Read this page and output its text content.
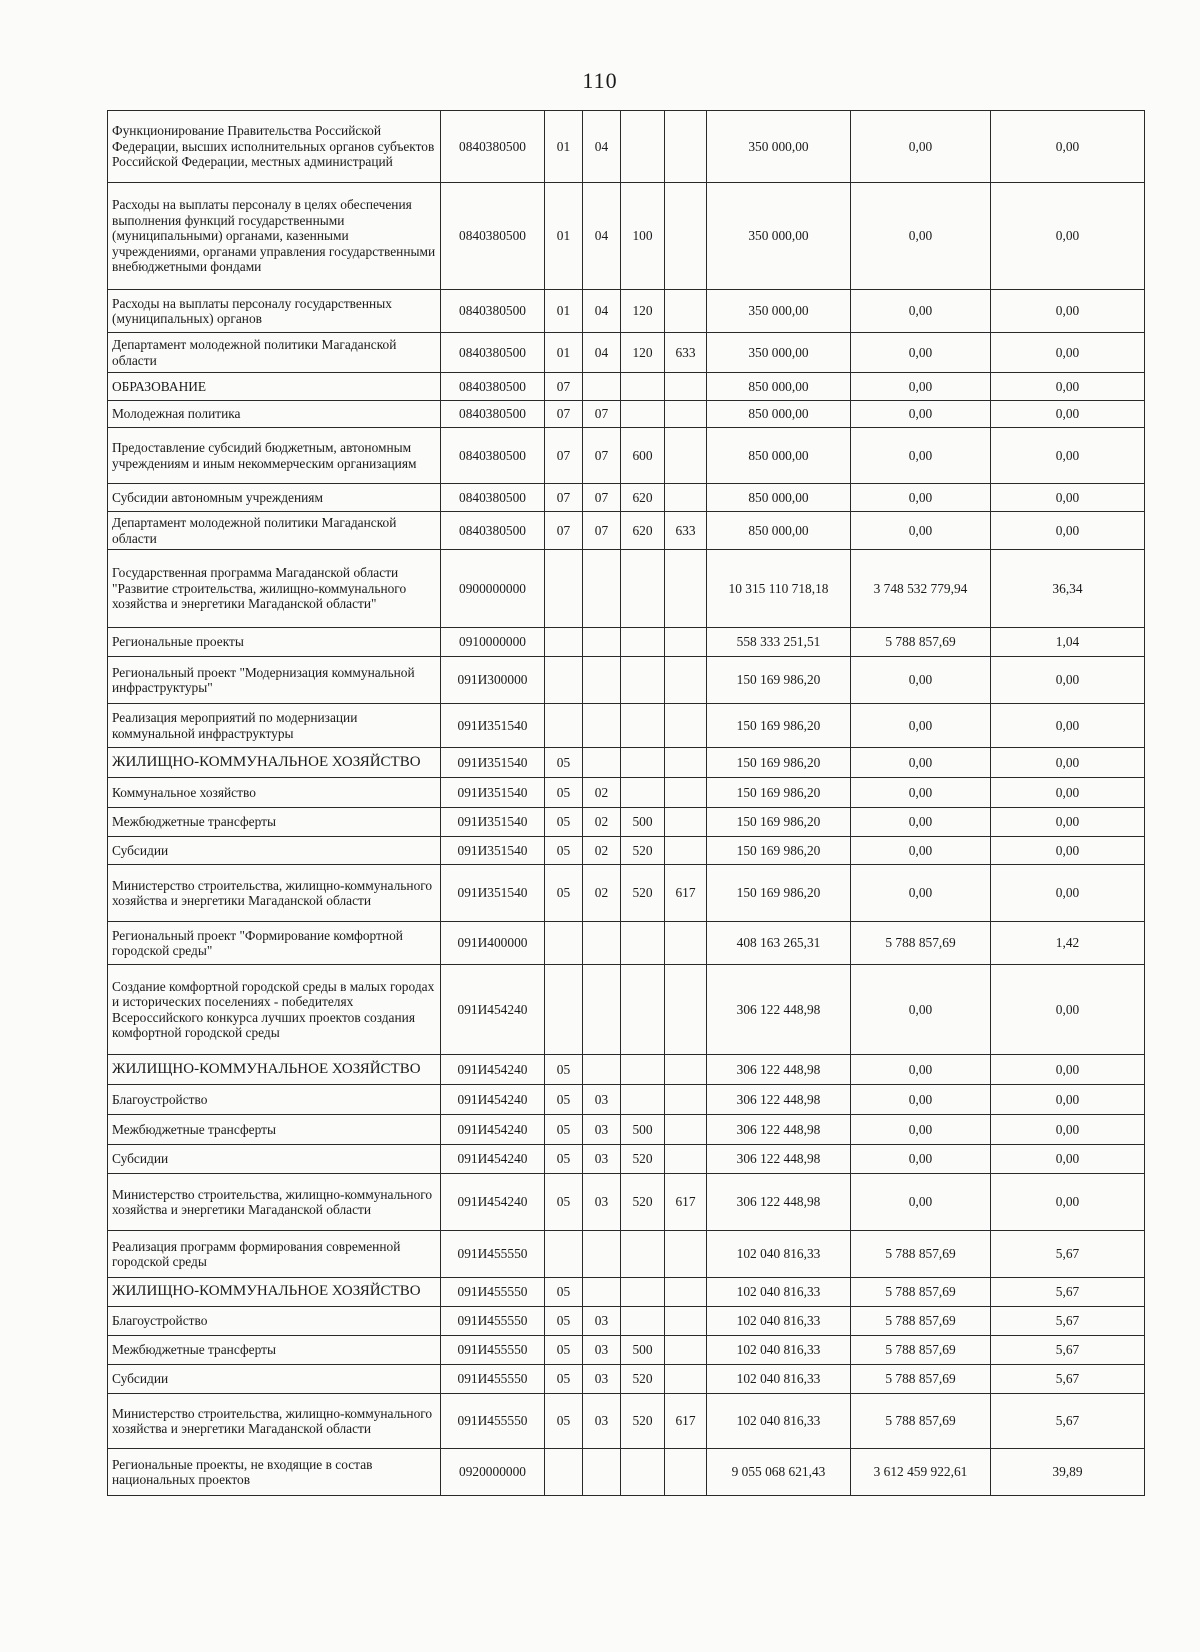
110
Функционирование Правительства Российской Федерации, высших исполнительных органов субъектов Российской Федерации, местных администраций	0840380500	01	04			350 000,00	0,00	0,00
Расходы на выплаты персоналу в целях обеспечения выполнения функций государственными (муниципальными) органами, казенными учреждениями, органами управления государственными внебюджетными фондами	0840380500	01	04	100		350 000,00	0,00	0,00
Расходы на выплаты персоналу государственных (муниципальных) органов	0840380500	01	04	120		350 000,00	0,00	0,00
Департамент молодежной политики Магаданской области	0840380500	01	04	120	633	350 000,00	0,00	0,00
ОБРАЗОВАНИЕ	0840380500	07				850 000,00	0,00	0,00
Молодежная политика	0840380500	07	07			850 000,00	0,00	0,00
Предоставление субсидий бюджетным, автономным учреждениям и иным некоммерческим организациям	0840380500	07	07	600		850 000,00	0,00	0,00
Субсидии автономным учреждениям	0840380500	07	07	620		850 000,00	0,00	0,00
Департамент молодежной политики Магаданской области	0840380500	07	07	620	633	850 000,00	0,00	0,00
Государственная программа Магаданской области "Развитие строительства, жилищно-коммунального хозяйства и энергетики Магаданской области"	0900000000					10 315 110 718,18	3 748 532 779,94	36,34
Региональные проекты	0910000000					558 333 251,51	5 788 857,69	1,04
Региональный проект "Модернизация коммунальной инфраструктуры"	091И300000					150 169 986,20	0,00	0,00
Реализация мероприятий по модернизации коммунальной инфраструктуры	091И351540					150 169 986,20	0,00	0,00
ЖИЛИЩНО-КОММУНАЛЬНОЕ ХОЗЯЙСТВО	091И351540	05				150 169 986,20	0,00	0,00
Коммунальное хозяйство	091И351540	05	02			150 169 986,20	0,00	0,00
Межбюджетные трансферты	091И351540	05	02	500		150 169 986,20	0,00	0,00
Субсидии	091И351540	05	02	520		150 169 986,20	0,00	0,00
Министерство строительства, жилищно-коммунального хозяйства и энергетики Магаданской области	091И351540	05	02	520	617	150 169 986,20	0,00	0,00
Региональный проект "Формирование комфортной городской среды"	091И400000					408 163 265,31	5 788 857,69	1,42
Создание комфортной городской среды в малых городах и исторических поселениях - победителях Всероссийского конкурса лучших проектов создания комфортной городской среды	091И454240					306 122 448,98	0,00	0,00
ЖИЛИЩНО-КОММУНАЛЬНОЕ ХОЗЯЙСТВО	091И454240	05				306 122 448,98	0,00	0,00
Благоустройство	091И454240	05	03			306 122 448,98	0,00	0,00
Межбюджетные трансферты	091И454240	05	03	500		306 122 448,98	0,00	0,00
Субсидии	091И454240	05	03	520		306 122 448,98	0,00	0,00
Министерство строительства, жилищно-коммунального хозяйства и энергетики Магаданской области	091И454240	05	03	520	617	306 122 448,98	0,00	0,00
Реализация программ формирования современной городской среды	091И455550					102 040 816,33	5 788 857,69	5,67
ЖИЛИЩНО-КОММУНАЛЬНОЕ ХОЗЯЙСТВО	091И455550	05				102 040 816,33	5 788 857,69	5,67
Благоустройство	091И455550	05	03			102 040 816,33	5 788 857,69	5,67
Межбюджетные трансферты	091И455550	05	03	500		102 040 816,33	5 788 857,69	5,67
Субсидии	091И455550	05	03	520		102 040 816,33	5 788 857,69	5,67
Министерство строительства, жилищно-коммунального хозяйства и энергетики Магаданской области	091И455550	05	03	520	617	102 040 816,33	5 788 857,69	5,67
Региональные проекты, не входящие в состав национальных проектов	0920000000					9 055 068 621,43	3 612 459 922,61	39,89
